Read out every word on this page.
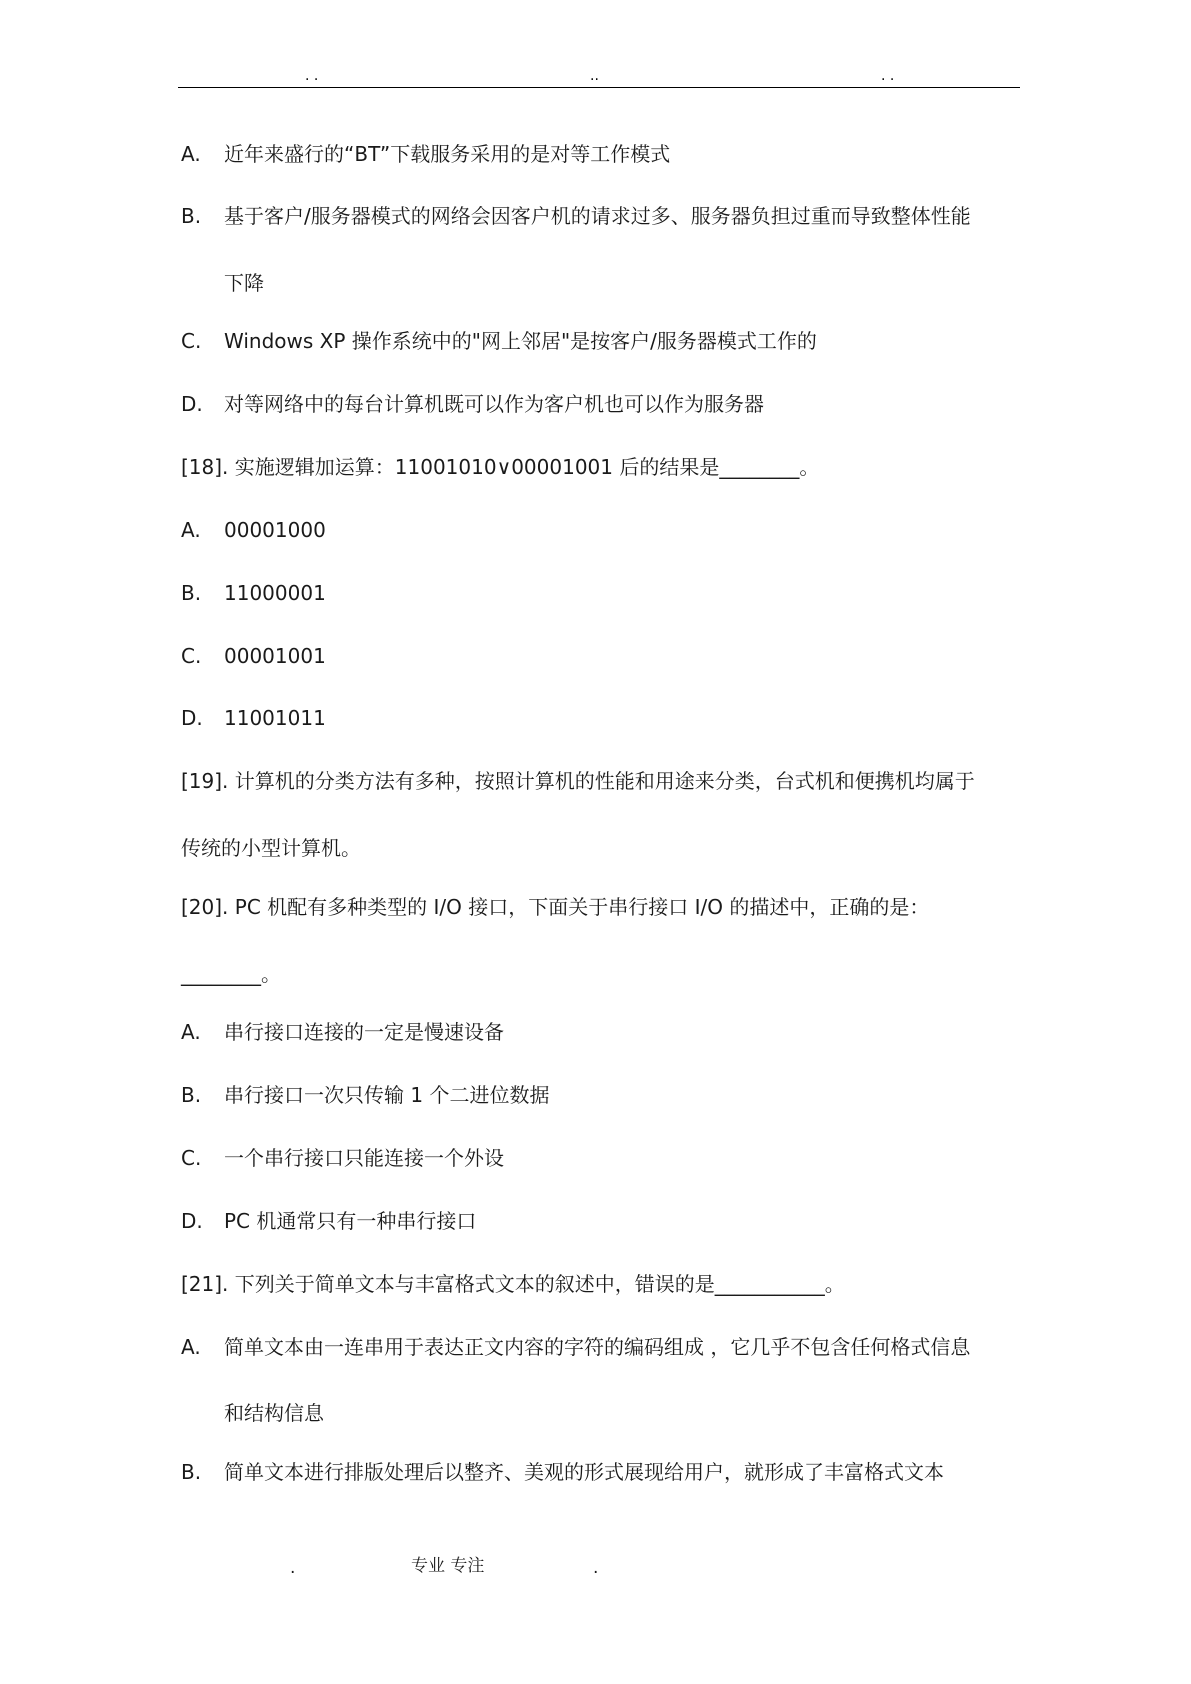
. .	..	. .
A.	近年来盛行的“BT”下载服务采用的是对等工作模式
B.	基于客户/服务器模式的网络会因客户机的请求过多、服务器负担过重而导致整体性能
下降
C.	Windows XP 操作系统中的"网上邻居"是按客户/服务器模式工作的
D.	对等网络中的每台计算机既可以作为客户机也可以作为服务器
[18]. 实施逻辑加运算：11001010∨00001001 后的结果是________。
A.	00001000
B.	11000001
C.	00001001
D.	11001011
[19]. 计算机的分类方法有多种，按照计算机的性能和用途来分类，台式机和便携机均属于
传统的小型计算机。
[20]. PC 机配有多种类型的 I/O 接口，下面关于串行接口 I/O 的描述中，正确的是：
________。
A.	串行接口连接的一定是慢速设备
B.	串行接口一次只传输 1 个二进位数据
C.	一个串行接口只能连接一个外设
D.	PC 机通常只有一种串行接口
[21]. 下列关于简单文本与丰富格式文本的叙述中，错误的是___________。
A.	简单文本由一连串用于表达正文内容的字符的编码组成 ，它几乎不包含任何格式信息
和结构信息
B.	简单文本进行排版处理后以整齐、美观的形式展现给用户，就形成了丰富格式文本
.	专业 专注	.
